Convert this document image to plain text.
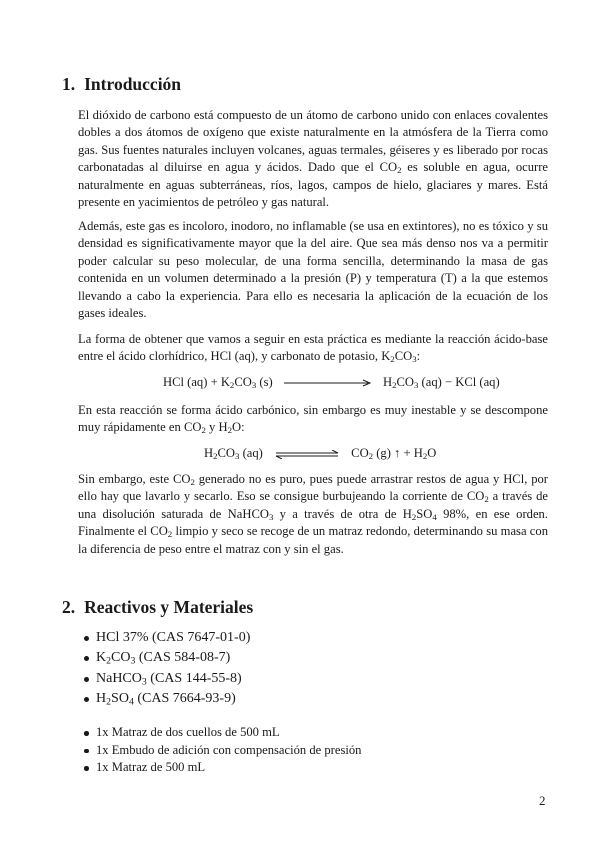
1. Introducción

El dióxido de carbono está compuesto de un átomo de carbono unido con enlaces covalentes dobles a dos átomos de oxígeno que existe naturalmente en la atmósfera de la Tierra como gas. Sus fuentes naturales incluyen volcanes, aguas termales, géiseres y es liberado por rocas carbonatadas al diluirse en agua y ácidos. Dado que el $CO_2$ es soluble en agua, ocurre naturalmente en aguas subterráneas, ríos, lagos, campos de hielo, glaciares y mares. Está presente en yacimientos de petróleo y gas natural.

Además, este gas es incoloro, inodoro, no inflamable (se usa en extintores), no es tóxico y su densidad es significativamente mayor que la del aire. Que sea más denso nos va a permitir poder calcular su peso molecular, de una forma sencilla, determinando la masa de gas contenida en un volumen determinado a la presión (P) y temperatura (T) a la que estemos llevando a cabo la experiencia. Para ello es necesaria la aplicación de la ecuación de los gases ideales.

La forma de obtener que vamos a seguir en esta práctica es mediante la reacción ácido-base entre el ácido clorhídrico, HCl (aq), y carbonato de potasio, $K_2CO_3$:

HCl $(aq) + K_2CO_3$ (s)	$H_2CO_3$ (aq) − KCl (aq)

En esta reacción se forma ácido carbónico, sin embargo es muy inestable y se descompone muy rápidamente en $CO_2$ y $H_2O$:

$H_2CO_3$ (aq)	$CO_2$ (g) ↑ + $H_2O$

Sin embargo, este $CO_2$ generado no es puro, pues puede arrastrar restos de agua y HCl, por ello hay que lavarlo y secarlo. Eso se consigue burbujeando la corriente de $CO_2$ a través de una disolución saturada de NaHCO$_3$ y a través de otra de $H_2SO_4$ 98%, en ese orden. Finalmente el $CO_2$ limpio y seco se recoge de un matraz redondo, determinando su masa con la diferencia de peso entre el matraz con y sin el gas.

2. Reactivos y Materiales
HCl 37% (CAS 7647-01-0)
$K_2CO_3$ (CAS 584-08-7)
NaHCO$_3$ (CAS 144-55-8)
$H_2SO_4$ (CAS 7664-93-9)
1x Matraz de dos cuellos de 500 mL
1x Embudo de adición con compensación de presión
1x Matraz de 500 mL
2
